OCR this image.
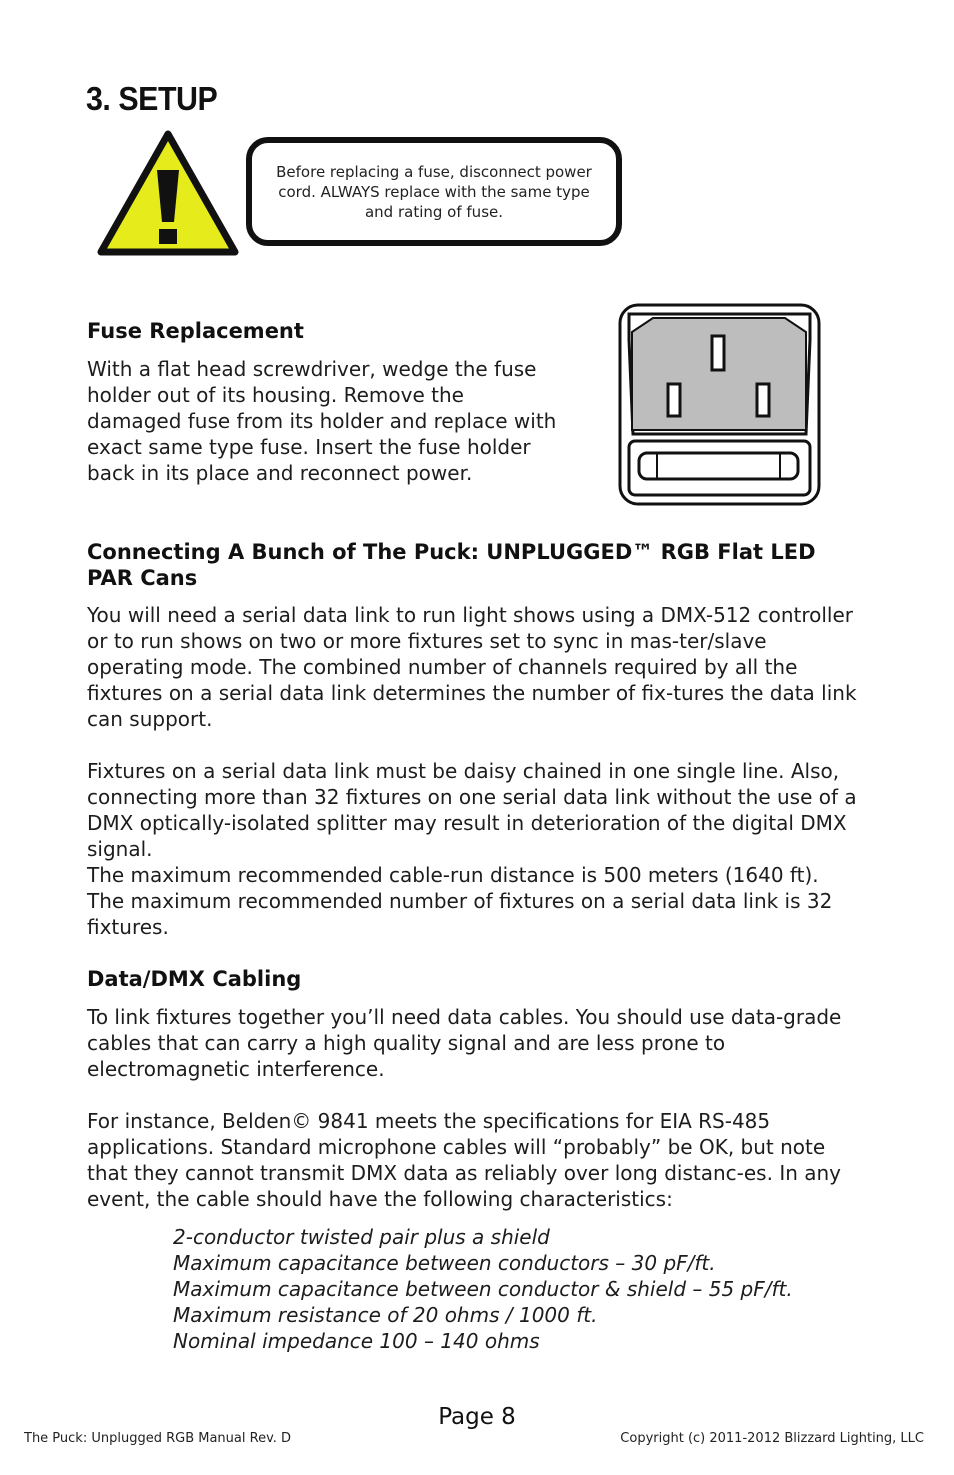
3. SETUP

Before replacing a fuse, disconnect power cord. ALWAYS replace with the same type and rating of fuse.

Fuse Replacement

With a flat head screwdriver, wedge the fuse holder out of its housing. Remove the damaged fuse from its holder and replace with exact same type fuse. Insert the fuse holder back in its place and reconnect power.

Connecting A Bunch of The Puck: UNPLUGGED™ RGB Flat LED PAR Cans

You will need a serial data link to run light shows using a DMX-512 controller or to run shows on two or more fixtures set to sync in mas-ter/slave operating mode. The combined number of channels required by all the fixtures on a serial data link determines the number of fix-tures the data link can support.

Fixtures on a serial data link must be daisy chained in one single line. Also, connecting more than 32 fixtures on one serial data link without the use of a DMX optically-isolated splitter may result in deterioration of the digital DMX signal.

The maximum recommended cable-run distance is 500 meters (1640 ft). The maximum recommended number of fixtures on a serial data link is 32 fixtures.

Data/DMX Cabling

To link fixtures together you’ll need data cables. You should use data-grade cables that can carry a high quality signal and are less prone to electromagnetic interference.

For instance, Belden© 9841 meets the specifications for EIA RS-485 applications. Standard microphone cables will “probably” be OK, but note that they cannot transmit DMX data as reliably over long distanc-es. In any event, the cable should have the following characteristics:

2-conductor twisted pair plus a shield
Maximum capacitance between conductors – 30 pF/ft.
Maximum capacitance between conductor & shield – 55 pF/ft.
Maximum resistance of 20 ohms / 1000 ft.
Nominal impedance 100 – 140 ohms
Page 8
The Puck: Unplugged RGB Manual Rev. D	Copyright (c) 2011-2012 Blizzard Lighting, LLC
